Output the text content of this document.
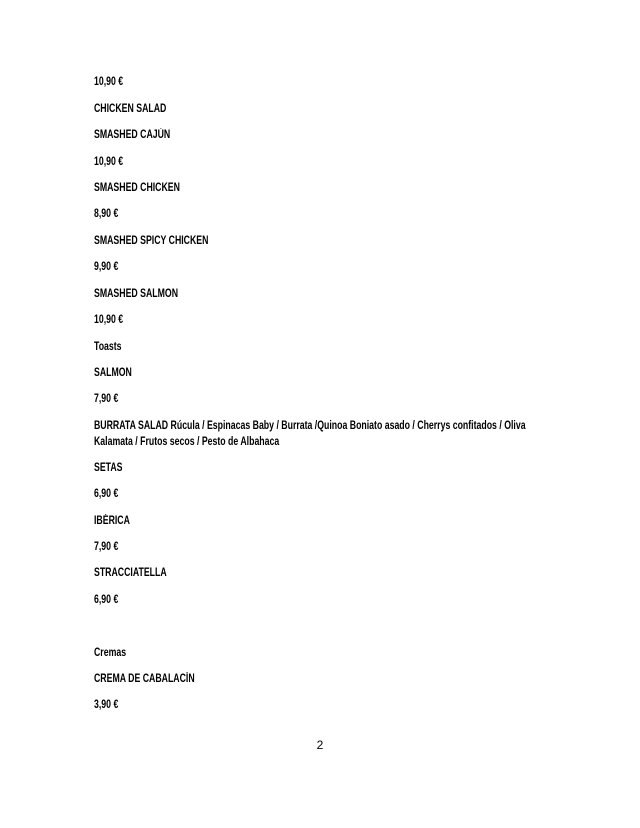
10,90 €
CHICKEN SALAD
SMASHED CAJÚN
10,90 €
SMASHED CHICKEN
8,90 €
SMASHED SPICY CHICKEN
9,90 €
SMASHED SALMON
10,90 €
Toasts
SALMON
7,90 €
BURRATA SALAD Rúcula / Espinacas Baby / Burrata /Quinoa Boniato asado / Cherrys confitados / Oliva Kalamata / Frutos secos / Pesto de Albahaca
SETAS
6,90 €
IBÉRICA
7,90 €
STRACCIATELLA
6,90 €
Cremas
CREMA DE CABALACÍN
3,90 €
2
